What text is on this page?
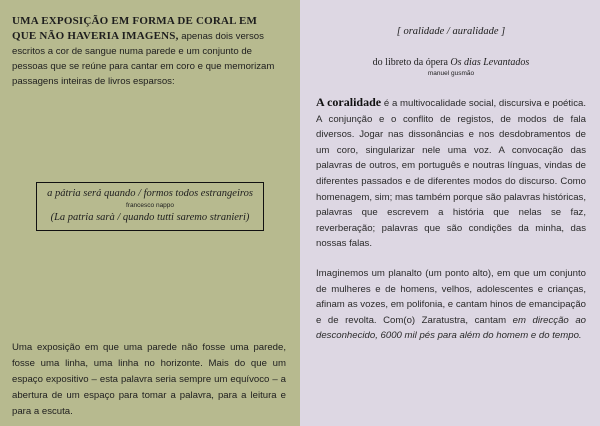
UMA EXPOSIÇÃO EM FORMA DE CORAL EM QUE NÃO HAVERIA IMAGENS, apenas dois versos escritos a cor de sangue numa parede e um conjunto de pessoas que se reúne para cantar em coro e que memorizam passagens inteiras de livros esparsos:

a pátria será quando / formos todos estrangeiros
francesco nappo
(La patria sarà / quando tutti saremo stranieri)

Uma exposição em que uma parede não fosse uma parede, fosse uma linha, uma linha no horizonte. Mais do que um espaço expositivo – esta palavra seria sempre um equívoco – a abertura de um espaço para tomar a palavra, para a leitura e para a escuta.

[ oralidade / auralidade ]

do libreto da ópera Os dias Levantados

manuel gusmão

A coralidade é a multivocalidade social, discursiva e poética. A conjunção e o conflito de registos, de modos de fala diversos. Jogar nas dissonâncias e nos desdobramentos de um coro, singularizar nele uma voz. A convocação das palavras de outros, em português e noutras línguas, vindas de diferentes passados e de diferentes modos do discurso. Como homenagem, sim; mas também porque são palavras históricas, palavras que escrevem a história que nelas se faz, reverberação; palavras que são condições da minha, das nossas falas.

Imaginemos um planalto (um ponto alto), em que um conjunto de mulheres e de homens, velhos, adolescentes e crianças, afinam as vozes, em polifonia, e cantam hinos de emancipação e de revolta. Com(o) Zaratustra, cantam em direcção ao desconhecido, 6000 mil pés para além do homem e do tempo.
